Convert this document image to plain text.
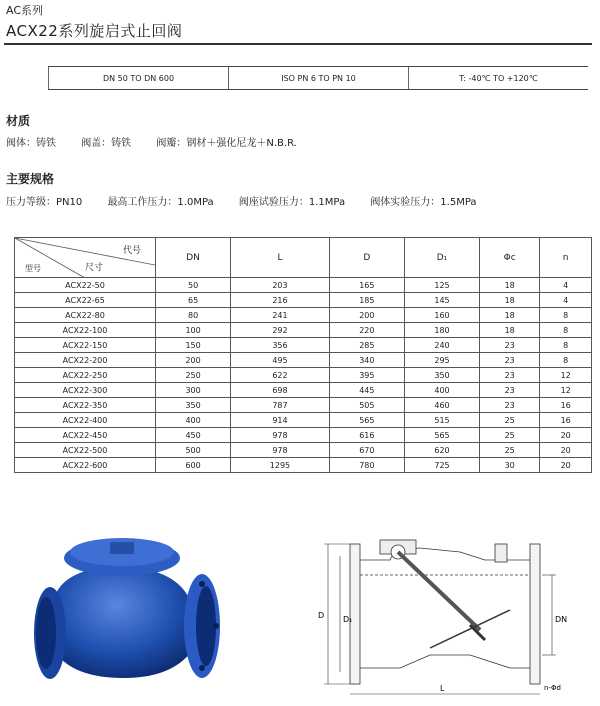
AC系列
ACX22系列旋启式止回阀
DN 50 TO DN 600	ISO PN 6 TO PN 10	T: -40℃ TO +120℃
材质
阀体：铸铁	阀盖：铸铁	阀瓣：钢材＋强化尼龙＋N.B.R.
主要规格
压力等级：PN10	最高工作压力：1.0MPa	阀座试验压力：1.1MPa	阀体实验压力：1.5MPa
代号
尺寸
型号	DN	L	D	D₁	Φc	n
ACX22-50	50	203	165	125	18	4
ACX22-65	65	216	185	145	18	4
ACX22-80	80	241	200	160	18	8
ACX22-100	100	292	220	180	18	8
ACX22-150	150	356	285	240	23	8
ACX22-200	200	495	340	295	23	8
ACX22-250	250	622	395	350	23	12
ACX22-300	300	698	445	400	23	12
ACX22-350	350	787	505	460	23	16
ACX22-400	400	914	565	515	25	16
ACX22-450	450	978	616	565	25	20
ACX22-500	500	978	670	620	25	20
ACX22-600	600	1295	780	725	30	20
D D₁	DN
L	n-Φd
